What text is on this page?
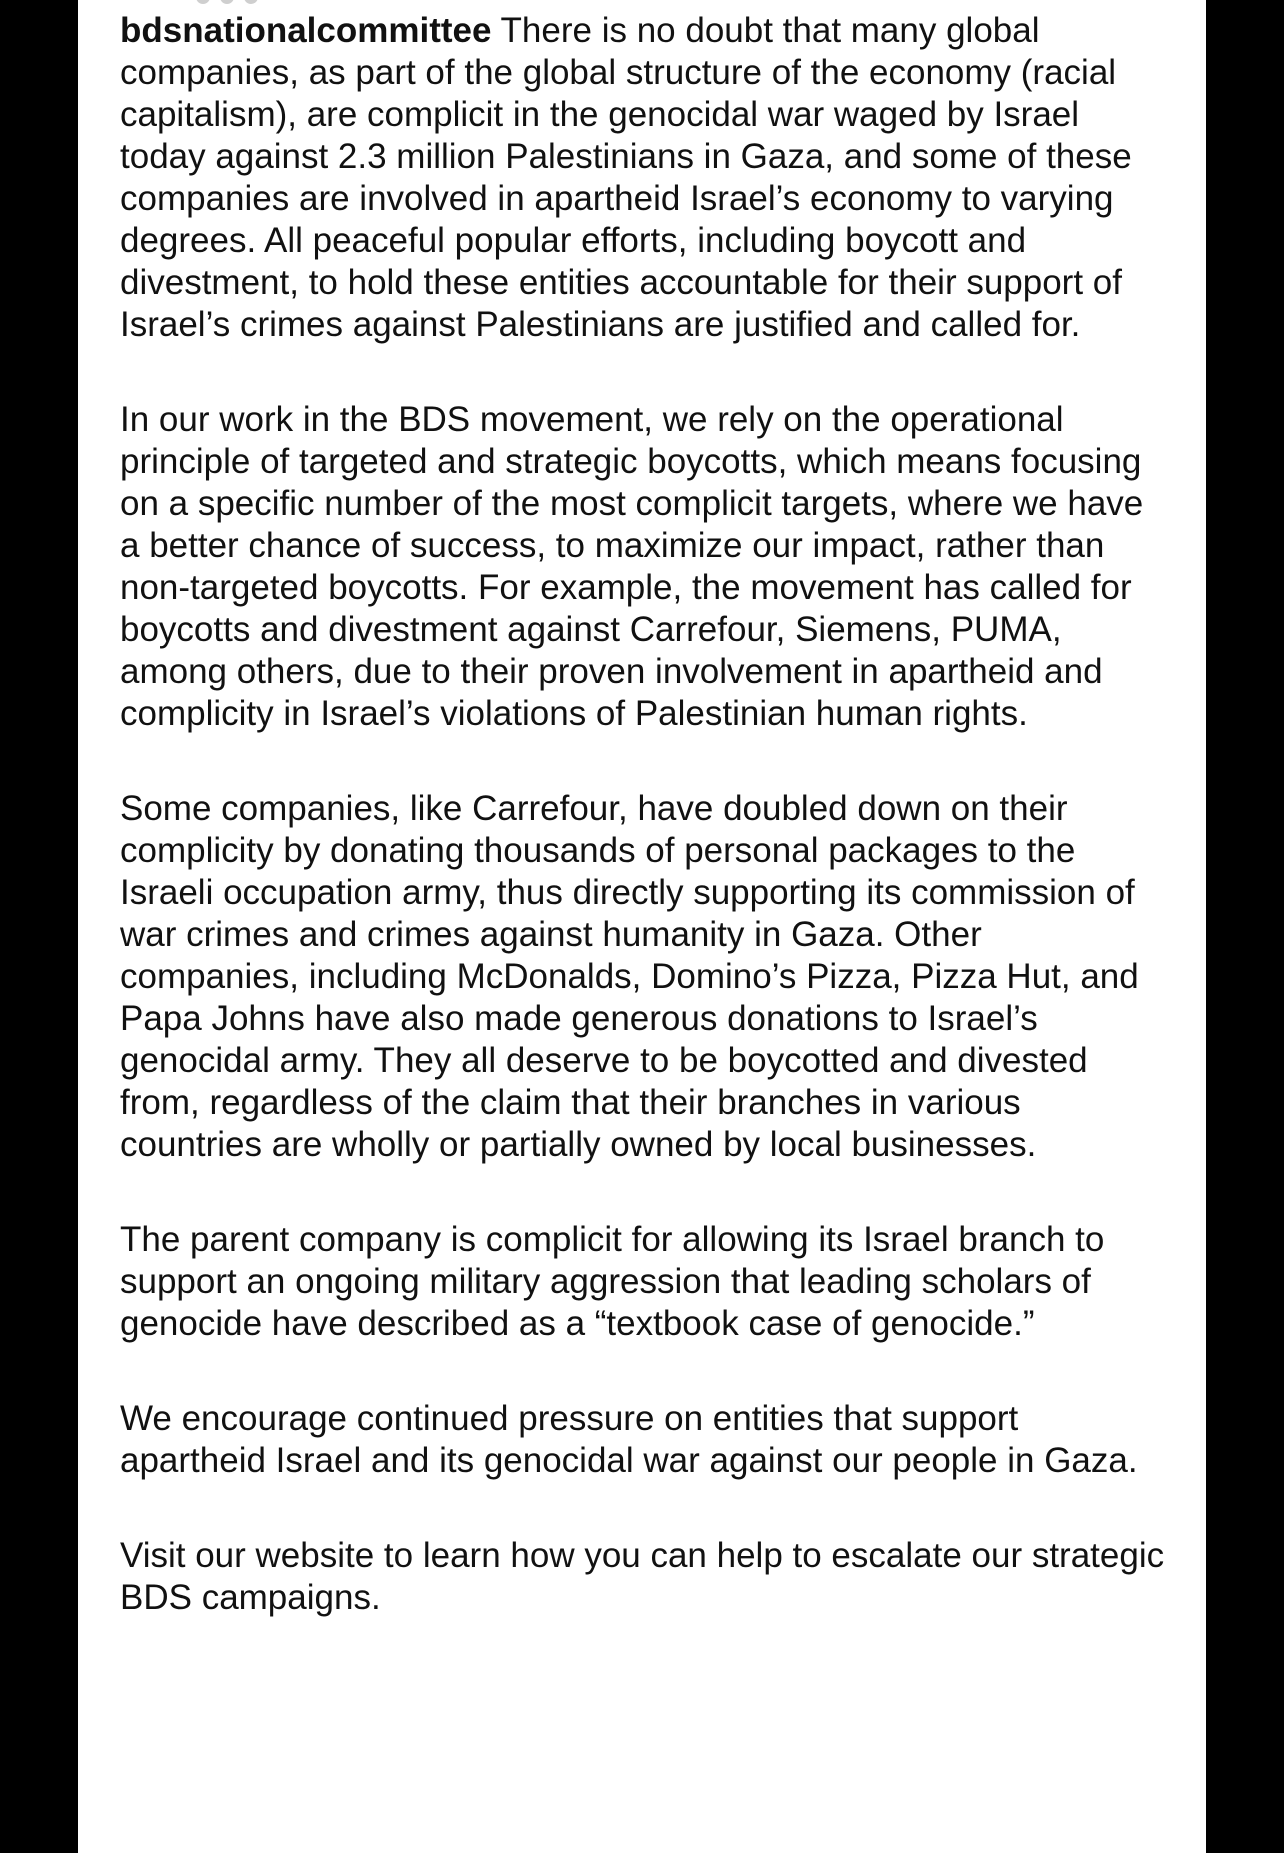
bdsnationalcommittee There is no doubt that many global companies, as part of the global structure of the economy (racial capitalism), are complicit in the genocidal war waged by Israel today against 2.3 million Palestinians in Gaza, and some of these companies are involved in apartheid Israel’s economy to varying degrees. All peaceful popular efforts, including boycott and divestment, to hold these entities accountable for their support of Israel’s crimes against Palestinians are justified and called for.

In our work in the BDS movement, we rely on the operational principle of targeted and strategic boycotts, which means focusing on a specific number of the most complicit targets, where we have a better chance of success, to maximize our impact, rather than non-targeted boycotts. For example, the movement has called for boycotts and divestment against Carrefour, Siemens, PUMA, among others, due to their proven involvement in apartheid and complicity in Israel’s violations of Palestinian human rights.

Some companies, like Carrefour, have doubled down on their complicity by donating thousands of personal packages to the Israeli occupation army, thus directly supporting its commission of war crimes and crimes against humanity in Gaza. Other companies, including McDonalds, Domino’s Pizza, Pizza Hut, and Papa Johns have also made generous donations to Israel’s genocidal army. They all deserve to be boycotted and divested from, regardless of the claim that their branches in various countries are wholly or partially owned by local businesses.

The parent company is complicit for allowing its Israel branch to support an ongoing military aggression that leading scholars of genocide have described as a “textbook case of genocide.”

We encourage continued pressure on entities that support apartheid Israel and its genocidal war against our people in Gaza.

Visit our website to learn how you can help to escalate our strategic BDS campaigns.
